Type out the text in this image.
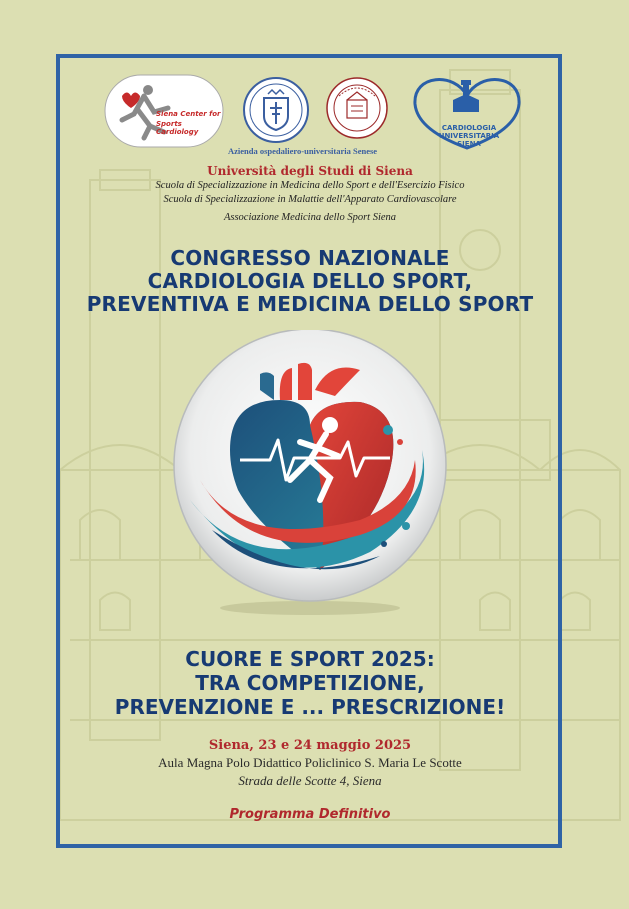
Siena Center for
Sports Cardiology
Azienda ospedaliero-universitaria Senese
CARDIOLOGIA
UNIVERSITARIA
SIENA
Università degli Studi di Siena
Scuola di Specializzazione in Medicina dello Sport e dell'Esercizio Fisico
Scuola di Specializzazione in Malattie dell'Apparato Cardiovascolare
Associazione Medicina dello Sport Siena
CONGRESSO NAZIONALE
CARDIOLOGIA DELLO SPORT,
PREVENTIVA E MEDICINA DELLO SPORT
CUORE E SPORT 2025:
TRA COMPETIZIONE,
PREVENZIONE E ... PRESCRIZIONE!
Siena, 23 e 24 maggio 2025
Aula Magna Polo Didattico Policlinico S. Maria Le Scotte
Strada delle Scotte 4, Siena
Programma Definitivo
